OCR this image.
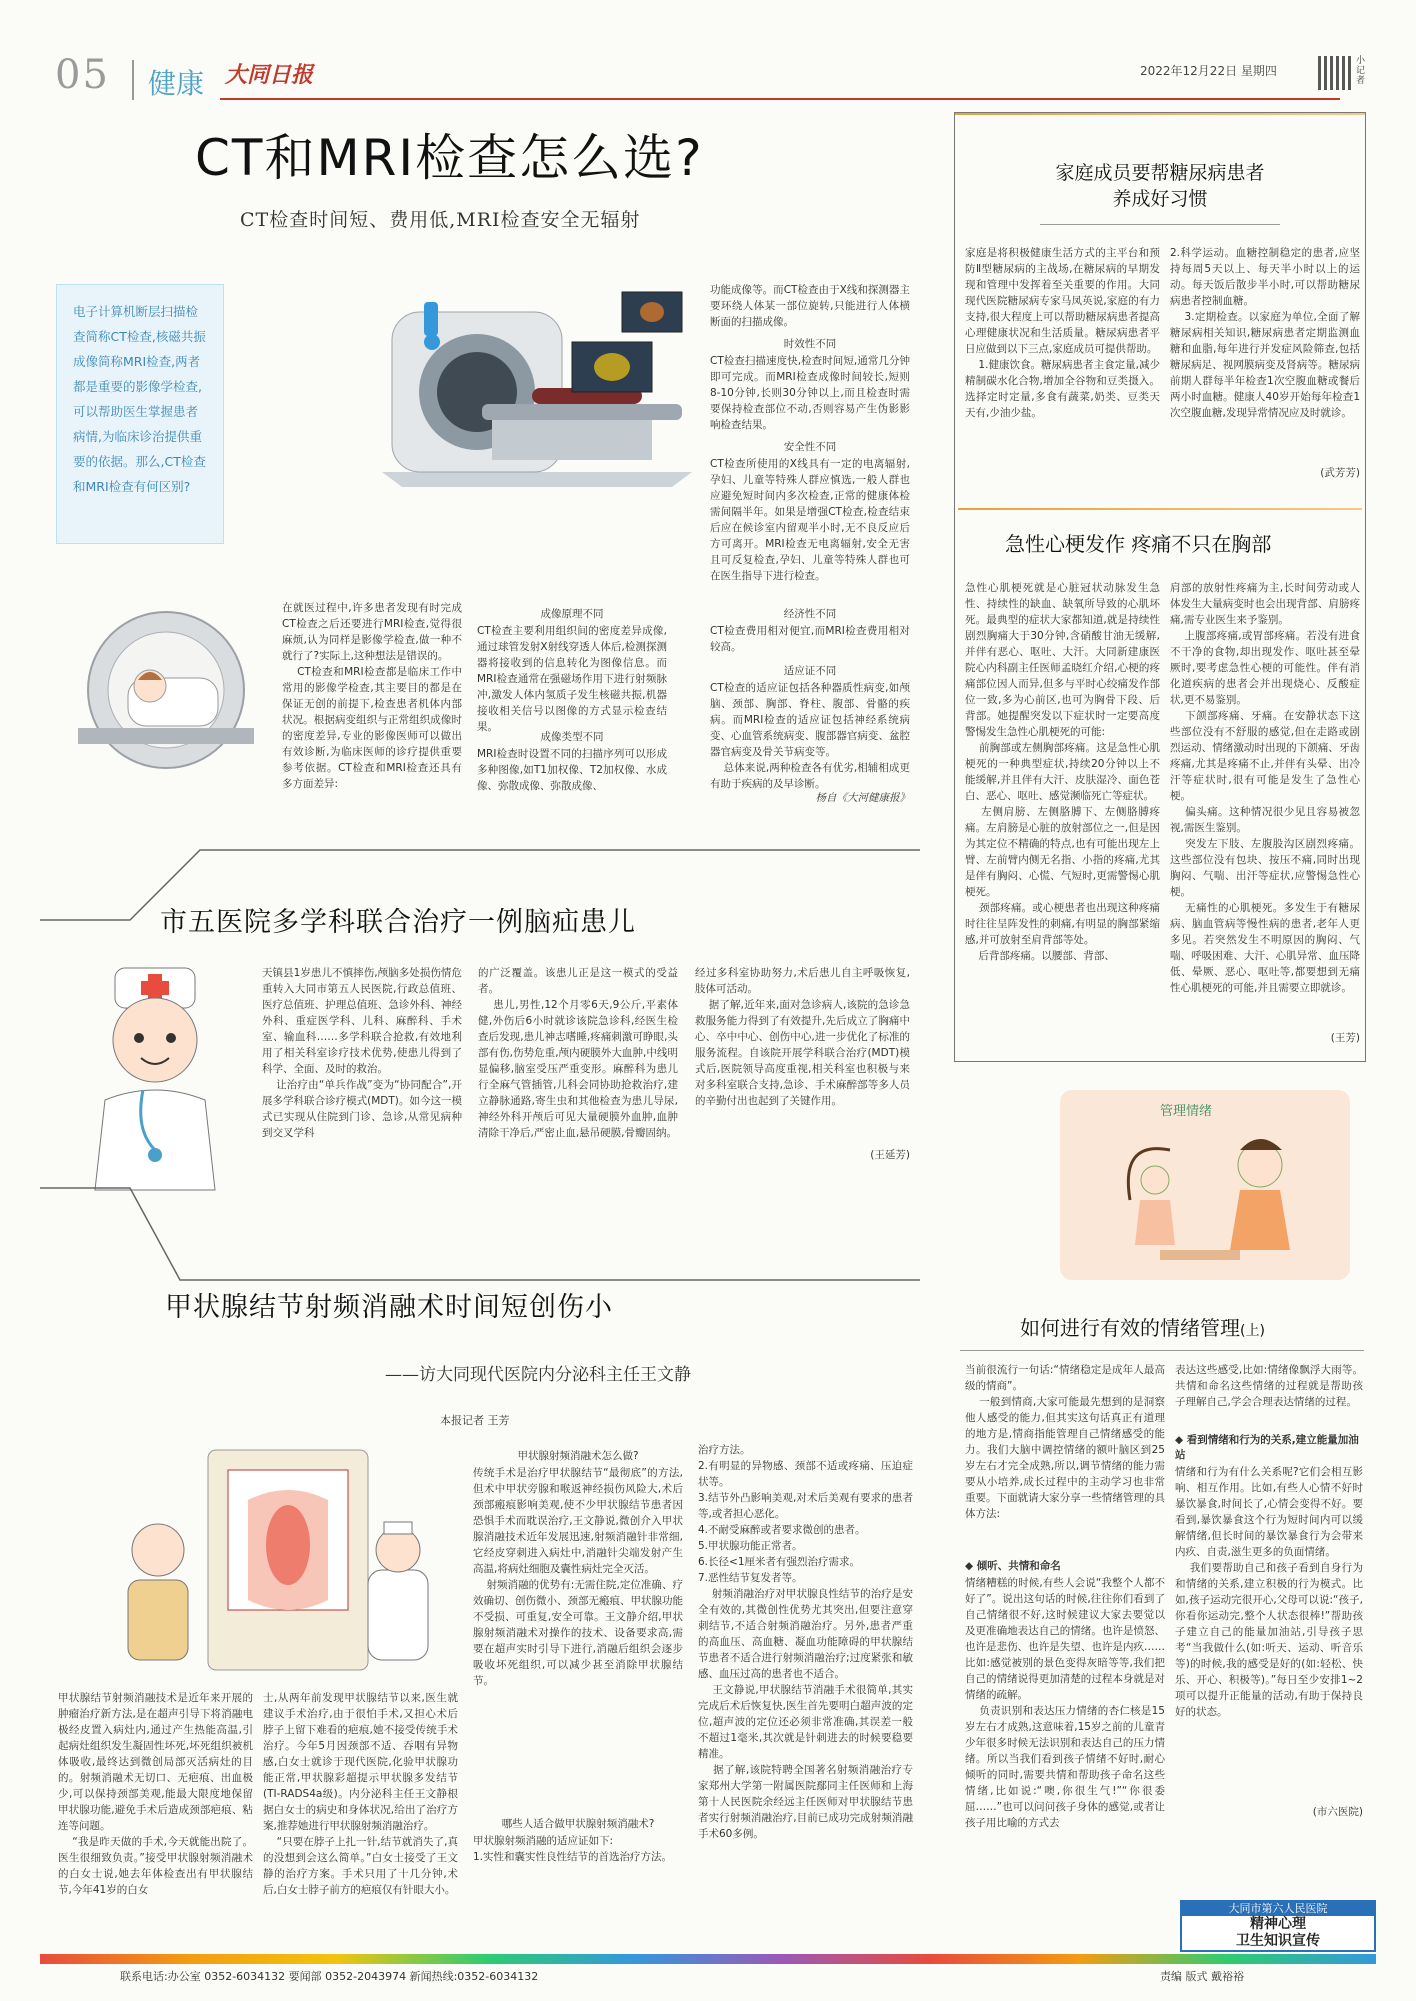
05 健康 大同日报	2022年12月22日 星期四
小记者
CT和MRI检查怎么选?
CT检查时间短、费用低,MRI检查安全无辐射
电子计算机断层扫描检查简称CT检查,核磁共振成像简称MRI检查,两者都是重要的影像学检查,可以帮助医生掌握患者病情,为临床诊治提供重要的依据。那么,CT检查和MRI检查有何区别?
在就医过程中,许多患者发现有时完成CT检查之后还要进行MRI检查,觉得很麻烦,认为同样是影像学检查,做一种不就行了?实际上,这种想法是错误的。
CT检查和MRI检查都是临床工作中常用的影像学检查,其主要目的都是在保证无创的前提下,检查患者机体内部状况。根据病变组织与正常组织成像时的密度差异,专业的影像医师可以做出有效诊断,为临床医师的诊疗提供重要参考依据。CT检查和MRI检查还具有多方面差异:
成像原理不同
CT检查主要利用组织间的密度差异成像,通过球管发射X射线穿透人体后,检测探测器将接收到的信息转化为图像信息。而MRI检查通常在强磁场作用下进行射频脉冲,激发人体内氢质子发生核磁共振,机器接收相关信号以图像的方式显示检查结果。
成像类型不同
MRI检查时设置不同的扫描序列可以形成多种图像,如T1加权像、T2加权像、水成像、弥散成像、弥散成像、
功能成像等。而CT检查由于X线和探测器主要环绕人体某一部位旋转,只能进行人体横断面的扫描成像。
时效性不同
CT检查扫描速度快,检查时间短,通常几分钟即可完成。而MRI检查成像时间较长,短则8-10分钟,长则30分钟以上,而且检查时需要保持检查部位不动,否则容易产生伪影影响检查结果。
安全性不同
CT检查所使用的X线具有一定的电离辐射,孕妇、儿童等特殊人群应慎选,一般人群也应避免短时间内多次检查,正常的健康体检需间隔半年。如果是增强CT检查,检查结束后应在候诊室内留观半小时,无不良反应后方可离开。MRI检查无电离辐射,安全无害且可反复检查,孕妇、儿童等特殊人群也可在医生指导下进行检查。
经济性不同
CT检查费用相对便宜,而MRI检查费用相对较高。
适应证不同
CT检查的适应证包括各种器质性病变,如颅脑、颈部、胸部、脊柱、腹部、骨骼的疾病。而MRI检查的适应证包括神经系统病变、心血管系统病变、腹部器官病变、盆腔器官病变及骨关节病变等。
总体来说,两种检查各有优劣,相辅相成更有助于疾病的及早诊断。
杨自《大河健康报》
市五医院多学科联合治疗一例脑疝患儿
天镇县1岁患儿不慎摔伤,颅脑多处损伤情危重转入大同市第五人民医院,行政总值班、医疗总值班、护理总值班、急诊外科、神经外科、重症医学科、儿科、麻醉科、手术室、输血科……多学科联合抢救,有效地利用了相关科室诊疗技术优势,使患儿得到了科学、全面、及时的救治。
让治疗由“单兵作战”变为“协同配合”,开展多学科联合诊疗模式(MDT)。如今这一模式已实现从住院到门诊、急诊,从常见病种到交叉学科
的广泛覆盖。该患儿正是这一模式的受益者。
患儿,男性,12个月零6天,9公斤,平素体健,外伤后6小时就诊该院急诊科,经医生检查后发现,患儿神志嗜睡,疼痛刺激可睁眼,头部有伤,伤势危重,颅内硬膜外大血肿,中线明显偏移,脑室受压严重变形。麻醉科为患儿行全麻气管插管,儿科会同协助抢救治疗,建立静脉通路,寄生虫和其他检查为患儿导尿,神经外科开颅后可见大量硬膜外血肿,血肿清除干净后,严密止血,悬吊硬膜,骨瓣固纳。
经过多科室协助努力,术后患儿自主呼吸恢复,肢体可活动。
据了解,近年来,面对急诊病人,该院的急诊急救服务能力得到了有效提升,先后成立了胸痛中心、卒中中心、创伤中心,进一步优化了标准的服务流程。自该院开展学科联合治疗(MDT)模式后,医院领导高度重视,相关科室也积极与来对多科室联合支持,急诊、手术麻醉部等多人员的辛勤付出也起到了关键作用。
(王延芳)
甲状腺结节射频消融术时间短创伤小
——访大同现代医院内分泌科主任王文静
本报记者 王芳
甲状腺结节射频消融技术是近年来开展的肿瘤治疗新方法,是在超声引导下将消融电极经皮置入病灶内,通过产生热能高温,引起病灶组织发生凝固性坏死,坏死组织被机体吸收,最终达到微创局部灭活病灶的目的。射频消融术无切口、无疤痕、出血极少,可以保持颈部美观,能最大限度地保留甲状腺功能,避免手术后造成颈部疤痕、粘连等问题。
“我是昨天做的手术,今天就能出院了。医生很细致负责。”接受甲状腺射频消融术的白女士说,她去年体检查出有甲状腺结节,今年41岁的白女
士,从两年前发现甲状腺结节以来,医生就建议手术治疗,由于很怕手术,又担心术后脖子上留下难看的疤痕,她不接受传统手术治疗。今年5月因颈部不适、吞咽有异物感,白女士就诊于现代医院,化验甲状腺功能正常,甲状腺彩超提示甲状腺多发结节(TI-RADS4a级)。内分泌科主任王文静根据白女士的病史和身体状况,给出了治疗方案,推荐她进行甲状腺射频消融治疗。
“只要在脖子上扎一针,结节就消失了,真的没想到会这么简单。”白女士接受了王文静的治疗方案。手术只用了十几分钟,术后,白女士脖子前方的疤痕仅有针眼大小。
甲状腺射频消融术怎么做?
传统手术是治疗甲状腺结节“最彻底”的方法,但术中甲状旁腺和喉返神经损伤风险大,术后颈部瘢痕影响美观,使不少甲状腺结节患者因恐惧手术而耽误治疗,王文静说,微创介入甲状腺消融技术近年发展迅速,射频消融针非常细,它经皮穿刺进入病灶中,消融针尖端发射产生高温,将病灶细胞及囊性病灶完全灭活。
射频消融的优势有:无需住院,定位准确、疗效确切、创伤微小、颈部无瘢痕、甲状腺功能不受损、可重复,安全可靠。王文静介绍,甲状腺射频消融术对操作的技术、设备要求高,需要在超声实时引导下进行,消融后组织会逐步吸收坏死组织,可以减少甚至消除甲状腺结节。
哪些人适合做甲状腺射频消融术?
甲状腺射频消融的适应证如下:
1.实性和囊实性良性结节的首选治疗方法。
治疗方法。
2.有明显的异物感、颈部不适或疼痛、压迫症状等。
3.结节外凸影响美观,对术后美观有要求的患者等,或者担心恶化。
4.不耐受麻醉或者要求微创的患者。
5.甲状腺功能正常者。
6.长径<1厘米者有强烈治疗需求。
7.恶性结节复发者等。
射频消融治疗对甲状腺良性结节的治疗是安全有效的,其微创性优势尤其突出,但要注意穿刺结节,不适合射频消融治疗。另外,患者严重的高血压、高血糖、凝血功能障碍的甲状腺结节患者不适合进行射频消融治疗;过度紧张和敏感、血压过高的患者也不适合。
王文静说,甲状腺结节消融手术很简单,其实完成后术后恢复快,医生首先要明白超声波的定位,超声波的定位还必须非常准确,其误差一般不超过1毫米,其次就是针刺进去的时候要稳要精准。
据了解,该院特聘全国著名射频消融治疗专家郑州大学第一附属医院鄢同主任医师和上海第十人民医院余经远主任医师对甲状腺结节患者实行射频消融治疗,目前已成功完成射频消融手术60多例。
家庭成员要帮糖尿病患者
养成好习惯
家庭是将积极健康生活方式的主平台和预防Ⅱ型糖尿病的主战场,在糖尿病的早期发现和管理中发挥着至关重要的作用。大同现代医院糖尿病专家马凤英说,家庭的有力支持,很大程度上可以帮助糖尿病患者提高心理健康状况和生活质量。糖尿病患者平日应做到以下三点,家庭成员可提供帮助。
1.健康饮食。糖尿病患者主食定量,减少精制碳水化合物,增加全谷物和豆类摄入。选择定时定量,多食有蔬菜,奶类、豆类天天有,少油少盐。
2.科学运动。血糖控制稳定的患者,应坚持每周5天以上、每天半小时以上的运动。每天饭后散步半小时,可以帮助糖尿病患者控制血糖。
3.定期检查。以家庭为单位,全面了解糖尿病相关知识,糖尿病患者定期监测血糖和血脂,每年进行并发症风险筛查,包括糖尿病足、视网膜病变及肾病等。糖尿病前期人群每半年检查1次空腹血糖或餐后两小时血糖。健康人40岁开始每年检查1次空腹血糖,发现异常情况应及时就诊。
(武芳芳)
急性心梗发作 疼痛不只在胸部
急性心肌梗死就是心脏冠状动脉发生急性、持续性的缺血、缺氧所导致的心肌坏死。最典型的症状大家都知道,就是持续性剧烈胸痛大于30分钟,含硝酸甘油无缓解,并伴有恶心、呕吐、大汗。大同新建康医院心内科副主任医师孟晓红介绍,心梗的疼痛部位因人而异,但多与平时心绞痛发作部位一致,多为心前区,也可为胸骨下段、后背部。她提醒突发以下症状时一定要高度警惕发生急性心肌梗死的可能:
前胸部或左侧胸部疼痛。这是急性心肌梗死的一种典型症状,持续20分钟以上不能缓解,并且伴有大汗、皮肤湿冷、面色苍白、恶心、呕吐、感觉濒临死亡等症状。
左侧肩膀、左侧胳膊下、左侧胳膊疼痛。左肩膀是心脏的放射部位之一,但是因为其定位不精确的特点,也有可能出现左上臂、左前臂内侧无名指、小指的疼痛,尤其是伴有胸闷、心慌、气短时,更需警惕心肌梗死。
颈部疼痛。或心梗患者也出现这种疼痛时往往呈阵发性的刺痛,有明显的胸部紧缩感,并可放射至肩背部等处。
后背部疼痛。以腰部、背部、
肩部的放射性疼痛为主,长时间劳动或人体发生大量病变时也会出现背部、肩膀疼痛,需专业医生来予鉴别。
上腹部疼痛,或胃部疼痛。若没有进食不干净的食物,却出现发作、呕吐甚至晕厥时,要考虑急性心梗的可能性。伴有消化道疾病的患者会并出现烧心、反酸症状,更不易鉴别。
下颌部疼痛、牙痛。在安静状态下这些部位没有不舒服的感觉,但在走路或剧烈运动、情绪激动时出现的下颌痛、牙齿疼痛,尤其是疼痛不止,并伴有头晕、出冷汗等症状时,很有可能是发生了急性心梗。
偏头痛。这种情况很少见且容易被忽视,需医生鉴别。
突发左下肢、左腹股沟区剧烈疼痛。这些部位没有包块、按压不痛,同时出现胸闷、气喘、出汗等症状,应警惕急性心梗。
无痛性的心肌梗死。多发生于有糖尿病、脑血管病等慢性病的患者,老年人更多见。若突然发生不明原因的胸闷、气喘、呼吸困难、大汗、心肌异常、血压降低、晕厥、恶心、呕吐等,都要想到无痛性心肌梗死的可能,并且需要立即就诊。
(王芳)
管理情绪
如何进行有效的情绪管理(上)
当前很流行一句话:“情绪稳定是成年人最高级的情商”。
一般到情商,大家可能最先想到的是洞察他人感受的能力,但其实这句话真正有道理的地方是,情商指能管理自己情绪感受的能力。我们大脑中调控情绪的额叶脑区到25岁左右才完全成熟,所以,调节情绪的能力需要从小培养,成长过程中的主动学习也非常重要。下面就请大家分享一些情绪管理的具体方法:
◆ 倾听、共情和命名
情绪糟糕的时候,有些人会说“我整个人都不好了”。说出这句话的时候,往往你们看到了自己情绪很不好,这时候建议大家去要觉以及更准确地表达自己的情绪。也许是愤怒、也许是悲伤、也许是失望、也许是内疚……比如:感觉被别的景色变得灰暗等等,我们把自己的情绪说得更加清楚的过程本身就是对情绪的疏解。
负责识别和表达压力情绪的杏仁核是15岁左右才成熟,这意味着,15岁之前的儿童青少年很多时候无法识别和表达自己的压力情绪。所以当我们看到孩子情绪不好时,耐心倾听的同时,需要共情和帮助孩子命名这些情绪,比如说:“噢,你很生气!”“你很委屈……”也可以问问孩子身体的感觉,或者让孩子用比喻的方式去
表达这些感受,比如:情绪像飘浮大雨等。共情和命名这些情绪的过程就是帮助孩子理解自己,学会合理表达情绪的过程。
◆ 看到情绪和行为的关系,建立能量加油站
情绪和行为有什么关系呢?它们会相互影响、相互作用。比如,有些人心情不好时暴饮暴食,时间长了,心情会变得不好。要看到,暴饮暴食这个行为短时间内可以缓解情绪,但长时间的暴饮暴食行为会带来内疚、自责,滋生更多的负面情绪。
我们要帮助自己和孩子看到自身行为和情绪的关系,建立积极的行为模式。比如,孩子运动完很开心,父母可以说:“孩子,你看你运动完,整个人状态很棒!”帮助孩子建立自己的能量加油站,引导孩子思考“当我做什么(如:听天、运动、听音乐等)的时候,我的感受是好的(如:轻松、快乐、开心、积极等)。”每日至少安排1~2项可以提升正能量的活动,有助于保持良好的状态。
(市六医院)
大同市第六人民医院
精神心理
卫生知识宣传
联系电话:办公室 0352-6034132 要闻部 0352-2043974 新闻热线:0352-6034132	责编 版式 戴裕裕
